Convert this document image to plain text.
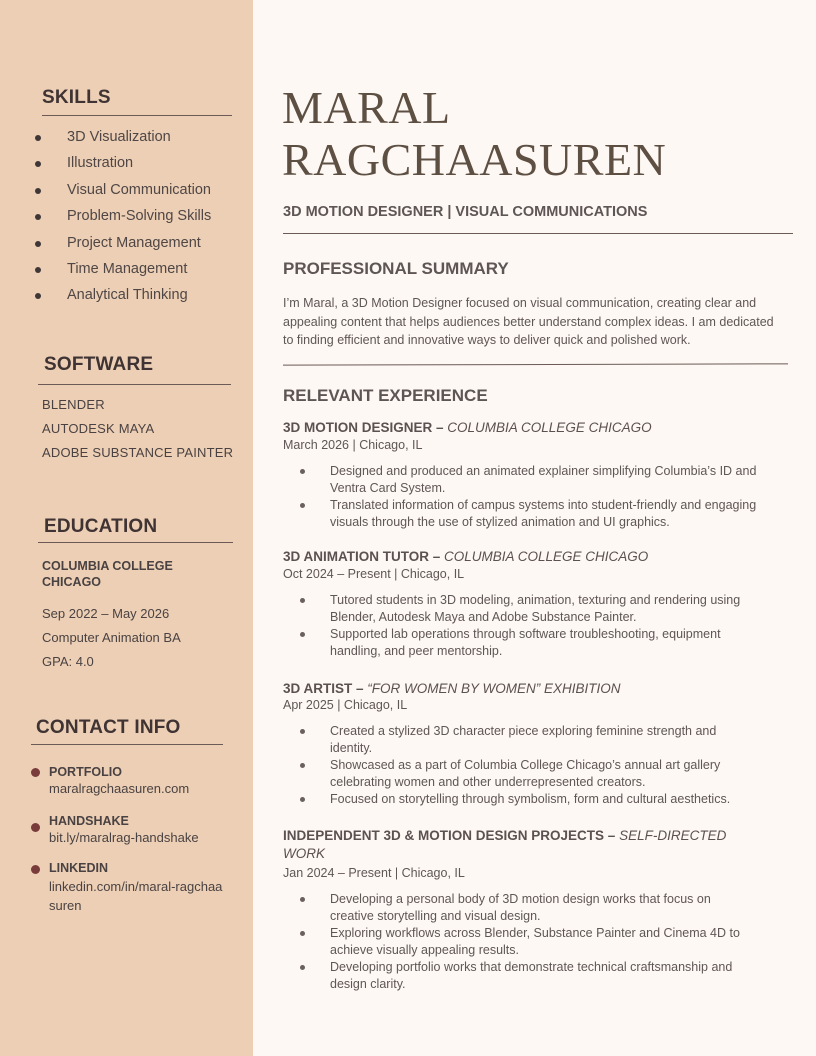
SKILLS
3D Visualization
Illustration
Visual Communication
Problem-Solving Skills
Project Management
Time Management
Analytical Thinking
SOFTWARE
BLENDER
AUTODESK MAYA
ADOBE SUBSTANCE PAINTER
EDUCATION
COLUMBIA COLLEGE CHICAGO
Sep 2022 – May 2026
Computer Animation BA
GPA: 4.0
CONTACT INFO
PORTFOLIO
maralragchaasuren.com
HANDSHAKE
bit.ly/maralrag-handshake
LINKEDIN
linkedin.com/in/maral-ragchaasuren
MARAL
RAGCHAASUREN
3D MOTION DESIGNER | VISUAL COMMUNICATIONS
PROFESSIONAL SUMMARY

I’m Maral, a 3D Motion Designer focused on visual communication, creating clear and appealing content that helps audiences better understand complex ideas. I am dedicated to finding efficient and innovative ways to deliver quick and polished work.

RELEVANT EXPERIENCE
3D MOTION DESIGNER – COLUMBIA COLLEGE CHICAGO
March 2026 | Chicago, IL
Designed and produced an animated explainer simplifying Columbia’s ID and Ventra Card System.
Translated information of campus systems into student-friendly and engaging visuals through the use of stylized animation and UI graphics.
3D ANIMATION TUTOR – COLUMBIA COLLEGE CHICAGO
Oct 2024 – Present | Chicago, IL
Tutored students in 3D modeling, animation, texturing and rendering using Blender, Autodesk Maya and Adobe Substance Painter.
Supported lab operations through software troubleshooting, equipment handling, and peer mentorship.
3D ARTIST – “FOR WOMEN BY WOMEN” EXHIBITION
Apr 2025 | Chicago, IL
Created a stylized 3D character piece exploring feminine strength and identity.
Showcased as a part of Columbia College Chicago’s annual art gallery celebrating women and other underrepresented creators.
Focused on storytelling through symbolism, form and cultural aesthetics.
INDEPENDENT 3D & MOTION DESIGN PROJECTS – SELF-DIRECTED WORK
Jan 2024 – Present | Chicago, IL
Developing a personal body of 3D motion design works that focus on creative storytelling and visual design.
Exploring workflows across Blender, Substance Painter and Cinema 4D to achieve visually appealing results.
Developing portfolio works that demonstrate technical craftsmanship and design clarity.
